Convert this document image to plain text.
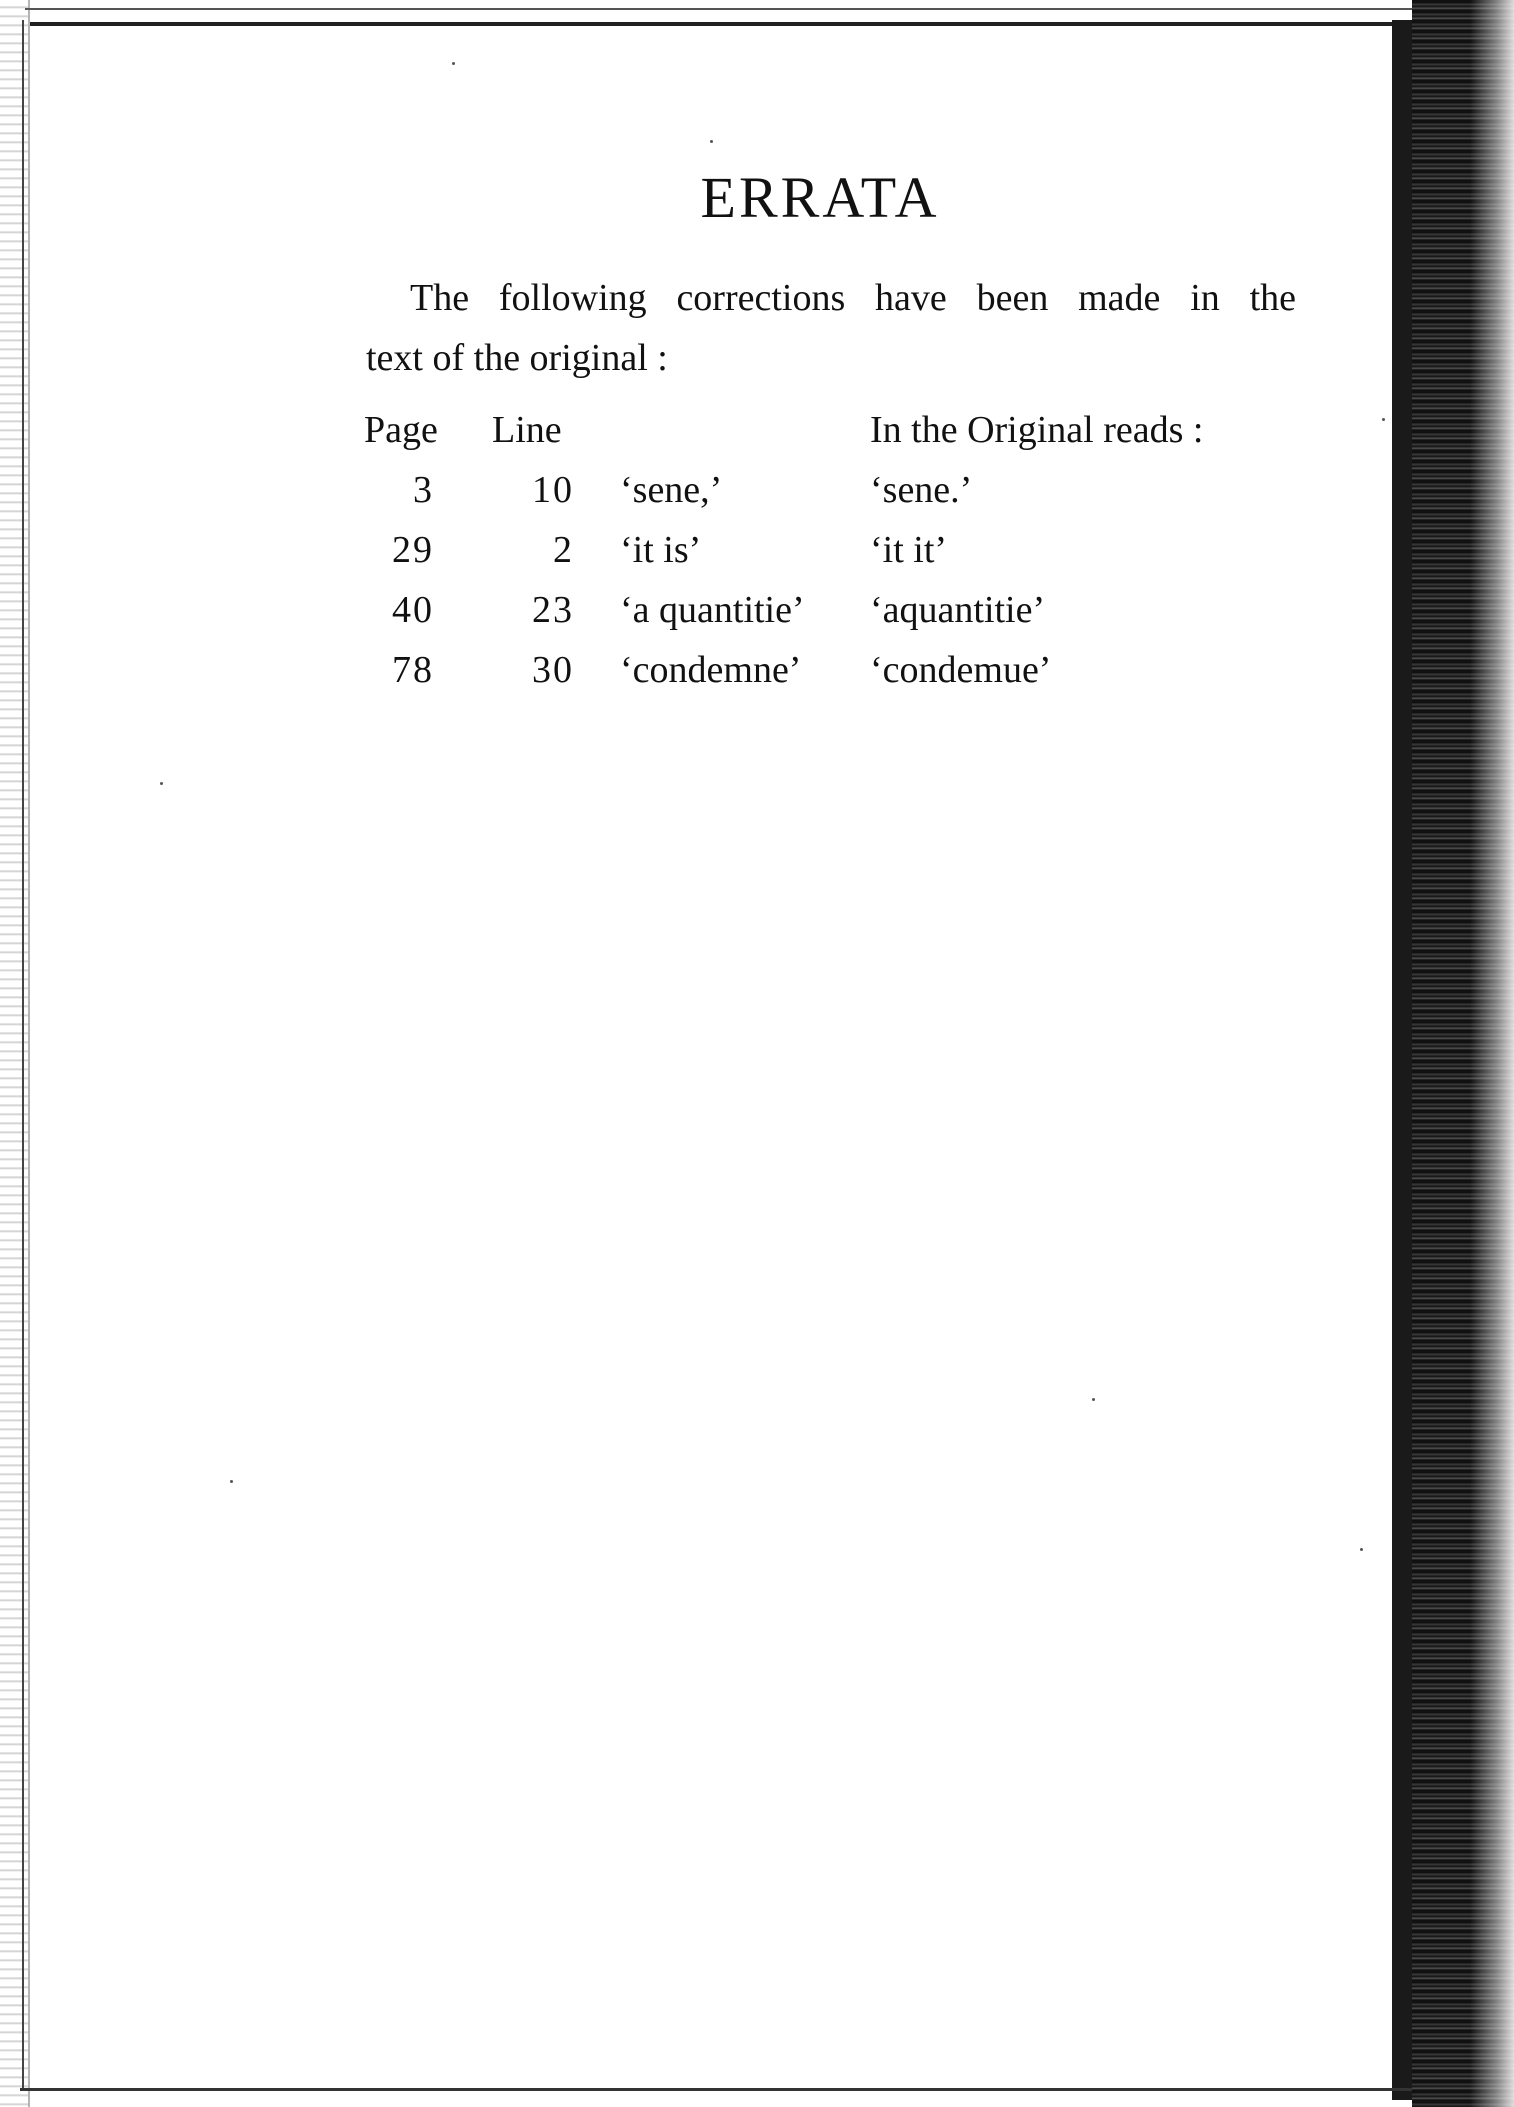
ERRATA

The following corrections have been made in the
text of the original :

Page Line	In the Original reads :
3	10 ‘sene,’	‘sene.’
29	2 ‘it is’	‘it it’
40	23 ‘a quantitie’ ‘aquantitie’
78	30 ‘condemne’ ‘condemue’
